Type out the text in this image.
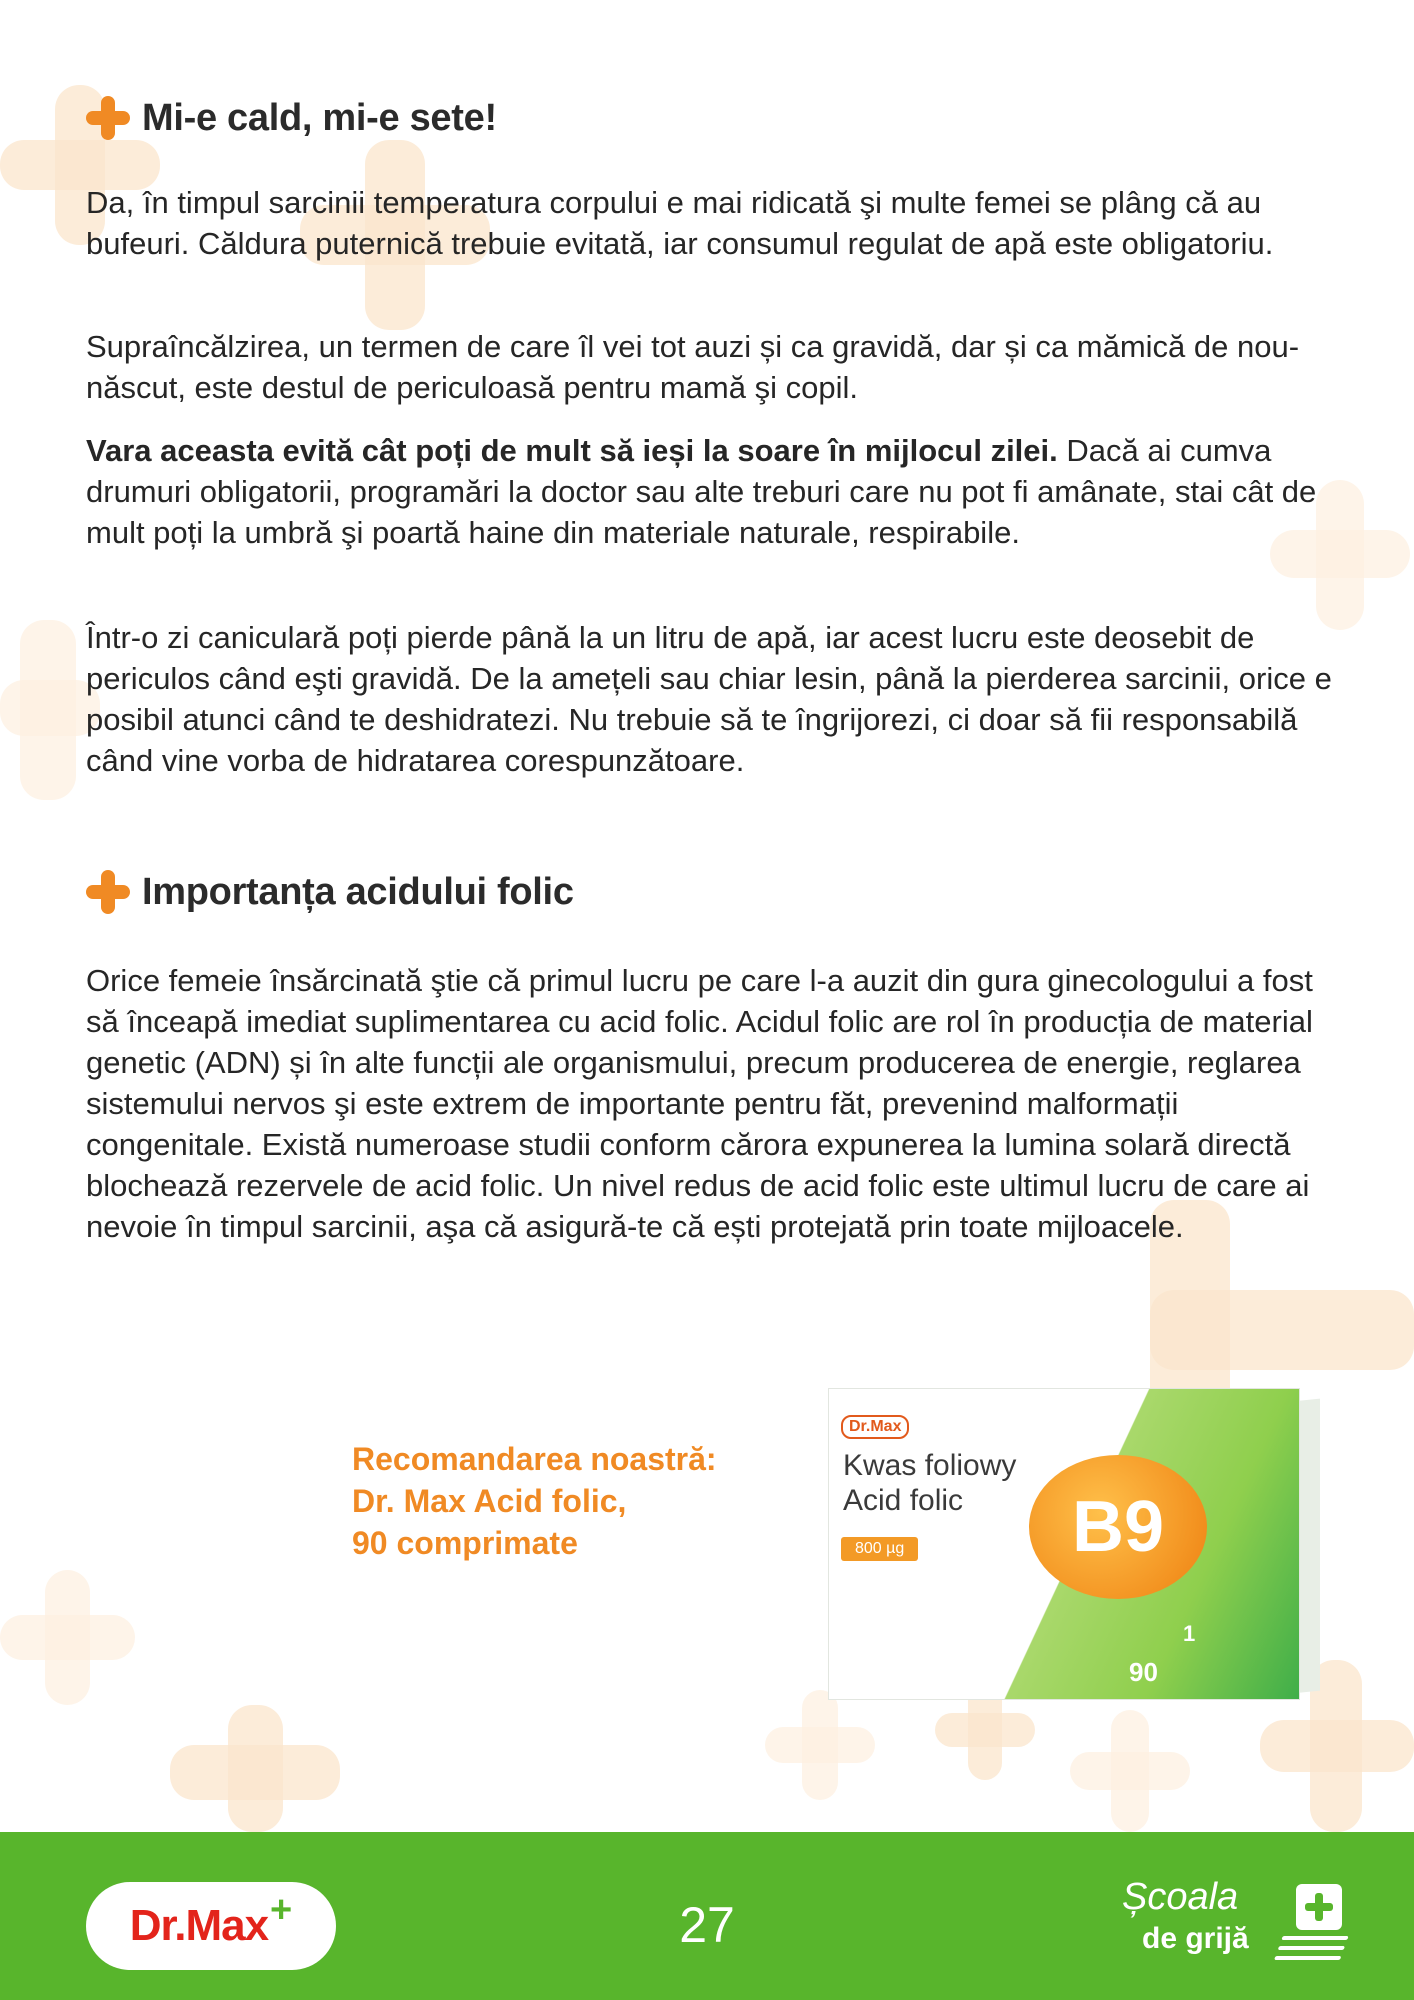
Mi-e cald, mi-e sete!

Da, în timpul sarcinii temperatura corpului e mai ridicată şi multe femei se plâng că au bufeuri. Căldura puternică trebuie evitată, iar consumul regulat de apă este obligatoriu.

Supraîncălzirea, un termen de care îl vei tot auzi și ca gravidă, dar și ca mămică de nou-născut, este destul de periculoasă pentru mamă şi copil.

Vara aceasta evită cât poți de mult să ieși la soare în mijlocul zilei. Dacă ai cumva drumuri obligatorii, programări la doctor sau alte treburi care nu pot fi amânate, stai cât de mult poți la umbră şi poartă haine din materiale naturale, respirabile.

Într-o zi caniculară poți pierde până la un litru de apă, iar acest lucru este deosebit de periculos când eşti gravidă. De la amețeli sau chiar lesin, până la pierderea sarcinii, orice e posibil atunci când te deshidratezi. Nu trebuie să te îngrijorezi, ci doar să fii responsabilă când vine vorba de hidratarea corespunzătoare.

Importanța acidului folic

Orice femeie însărcinată ştie că primul lucru pe care l-a auzit din gura ginecologului a fost să înceapă imediat suplimentarea cu acid folic. Acidul folic are rol în producția de material genetic (ADN) și în alte funcții ale organismului, precum producerea de energie, reglarea sistemului nervos şi este extrem de importante pentru făt, prevenind malformații congenitale. Există numeroase studii conform cărora expunerea la lumina solară directă blochează rezervele de acid folic. Un nivel redus de acid folic este ultimul lucru de care ai nevoie în timpul sarcinii, aşa că asigură-te că ești protejată prin toate mijloacele.

Recomandarea noastră:
Dr. Max Acid folic,
90 comprimate
Dr.Max
Kwas foliowy
Acid folic
800 µg	B9
1
90
Dr.Max +	27	Școala
de grijă
